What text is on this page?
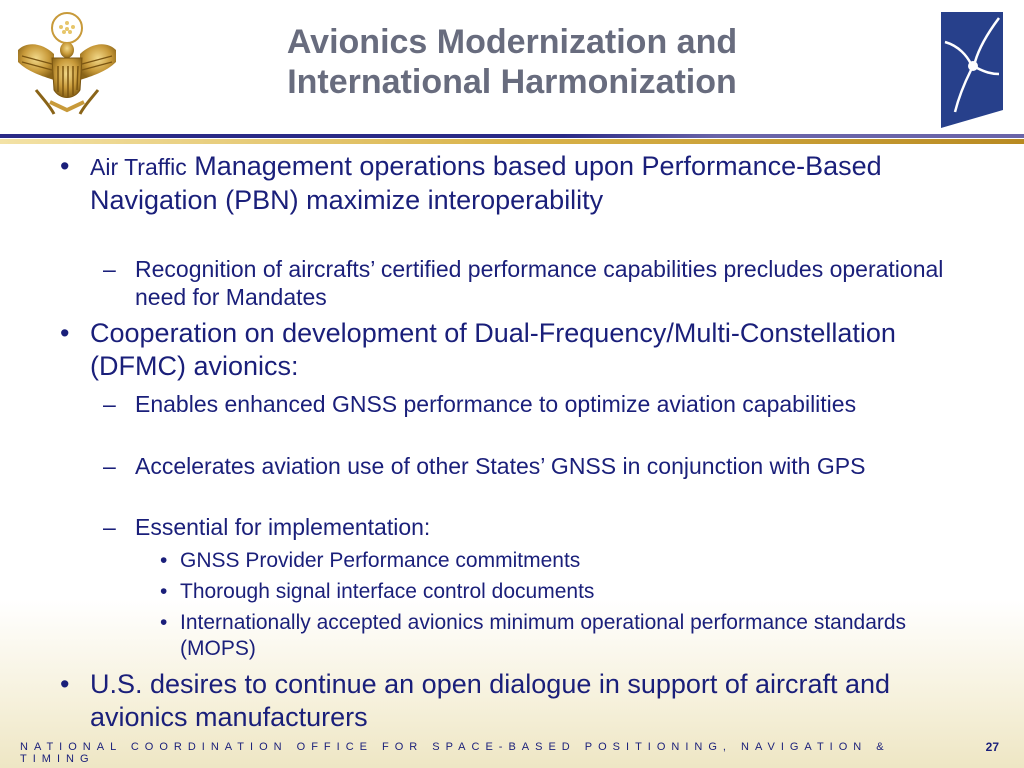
Avionics Modernization and
International Harmonization
• Air Traffic Management operations based upon Performance-Based Navigation (PBN) maximize interoperability
– Recognition of aircrafts’ certified performance capabilities precludes operational need for Mandates
• Cooperation on development of Dual-Frequency/Multi-Constellation (DFMC) avionics:
– Enables enhanced GNSS performance to optimize aviation capabilities
– Accelerates aviation use of other States’ GNSS in conjunction with GPS
– Essential for implementation:
• GNSS Provider Performance commitments
• Thorough signal interface control documents
• Internationally accepted avionics minimum operational performance standards (MOPS)
• U.S. desires to continue an open dialogue in support of aircraft and avionics manufacturers
NATIONAL COORDINATION OFFICE FOR SPACE-BASED POSITIONING, NAVIGATION & TIMING
27
